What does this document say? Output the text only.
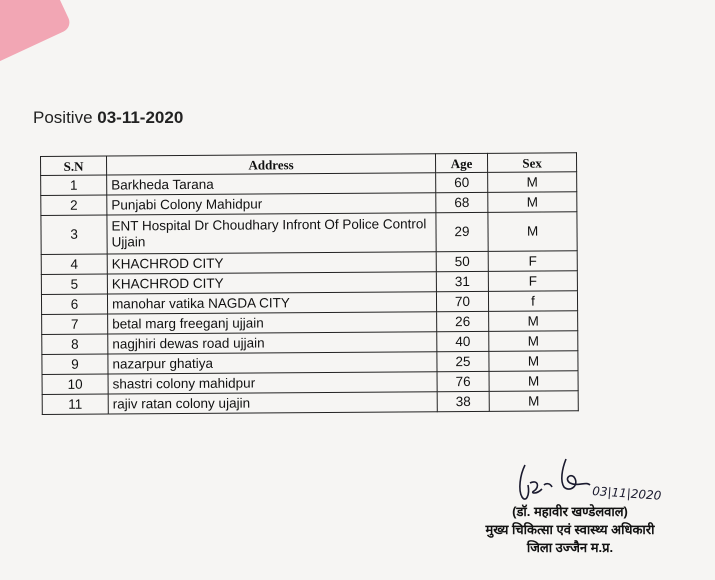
Positive 03-11-2020
S.N	Address	Age	Sex
1	Barkheda Tarana	60	M
2	Punjabi Colony Mahidpur	68	M
3	ENT Hospital Dr Choudhary Infront Of Police Control Ujjain	29	M
4	KHACHROD CITY	50	F
5	KHACHROD CITY	31	F
6	manohar vatika NAGDA CITY	70	f
7	betal marg freeganj ujjain	26	M
8	nagjhiri dewas road ujjain	40	M
9	nazarpur ghatiya	25	M
10	shastri colony mahidpur	76	M
11	rajiv ratan colony ujajin	38	M
03|11|2020
(डॉ. महावीर खण्डेलवाल)
मुख्य चिकित्सा एवं स्वास्थ्य अधिकारी
जिला उज्जैन म.प्र.
